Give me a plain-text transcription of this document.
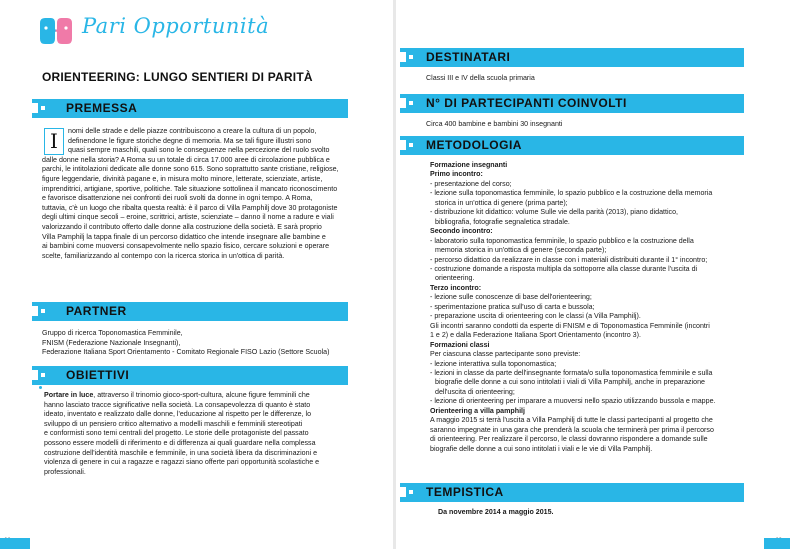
Pari Opportunità
ORIENTEERING: LUNGO SENTIERI DI PARITÀ
PREMESSA
I	nomi delle strade e delle piazze contribuiscono a creare la cultura di un popolo,

definendone le figure storiche degne di memoria. Ma se tali figure illustri sono

quasi sempre maschili, quali sono le conseguenze nella percezione del ruolo svolto

dalle donne nella storia? A Roma su un totale di circa 17.000 aree di circolazione pubblica e

parchi, le intitolazioni dedicate alle donne sono 615. Sono soprattutto sante cristiane, religiose,

figure leggendarie, divinità pagane e, in misura molto minore, letterate, scienziate, artiste,

imprenditrici, artigiane, sportive, politiche. Tale situazione sottolinea il mancato riconoscimento

e favorisce disattenzione nei confronti dei ruoli svolti da donne in ogni tempo. A Roma,

tuttavia, c'è un luogo che ribalta questa realtà: è il parco di Villa Pamphilj dove 30 protagoniste

degli ultimi cinque secoli – eroine, scrittrici, artiste, scienziate – danno il nome a radure e viali

valorizzando il contributo offerto dalle donne alla costruzione della società. E sarà proprio

Villa Pamphilj la tappa finale di un percorso didattico che intende insegnare alle bambine e

ai bambini come muoversi consapevolmente nello spazio fisico, cercare soluzioni e operare

scelte, familiarizzando al contempo con la ricerca storica in un'ottica di parità.

PARTNER

Gruppo di ricerca Toponomastica Femminile,

FNISM (Federazione Nazionale Insegnanti),

Federazione Italiana Sport Orientamento - Comitato Regionale FISO Lazio (Settore Scuola)

OBIETTIVI

Portare in luce, attraverso il trinomio gioco-sport-cultura, alcune figure femminili che

hanno lasciato tracce significative nella società. La consapevolezza di quanto è stato

ideato, inventato e realizzato dalle donne, l'educazione al rispetto per le differenze, lo

sviluppo di un pensiero critico alternativo a modelli maschili e femminili stereotipati

e conformisti sono temi centrali del progetto. Le storie delle protagoniste del passato

possono essere modelli di riferimento e di differenza ai quali guardare nella complessa

costruzione dell'identità maschile e femminile, in una società libera da discriminazioni e

violenza di genere in cui a ragazze e ragazzi siano offerte pari opportunità scolastiche e

professionali.

DESTINATARI
Classi III e IV della scuola primaria
N° DI PARTECIPANTI COINVOLTI
Circa 400 bambine e bambini 30 insegnanti
METODOLOGIA

Formazione insegnanti

Primo incontro:

- presentazione del corso;

- lezione sulla toponomastica femminile, lo spazio pubblico e la costruzione della memoria

storica in un'ottica di genere (prima parte);

- distribuzione kit didattico: volume Sulle vie della parità (2013), piano didattico,

bibliografia, fotografie segnaletica stradale.

Secondo incontro:

- laboratorio sulla toponomastica femminile, lo spazio pubblico e la costruzione della

memoria storica in un'ottica di genere (seconda parte);

- percorso didattico da realizzare in classe con i materiali distribuiti durante il 1° incontro;

- costruzione domande a risposta multipla da sottoporre alla classe durante l'uscita di

orienteering.

Terzo incontro:

- lezione sulle conoscenze di base dell'orienteering;

- sperimentazione pratica sull'uso di carta e bussola;

- preparazione uscita di orienteering con le classi (a Villa Pamphilj).

Gli incontri saranno condotti da esperte di FNISM e di Toponomastica Femminile (incontri

1 e 2) e dalla Federazione Italiana Sport Orientamento (incontro 3).

Formazioni classi

Per ciascuna classe partecipante sono previste:

- lezione interattiva sulla toponomastica;

- lezioni in classe da parte dell'insegnante formata/o sulla toponomastica femminile e sulla

biografie delle donne a cui sono intitolati i viali di Villa Pamphilj, anche in preparazione

dell'uscita di orienteering;

- lezione di orienteering per imparare a muoversi nello spazio utilizzando bussola e mappe.

Orienteering a villa pamphilj

A maggio 2015 si terrà l'uscita a Villa Pamphilj di tutte le classi partecipanti al progetto che

saranno impegnate in una gara che prenderà la scuola che terminerà per prima il percorso

di orienteering. Per realizzare il percorso, le classi dovranno rispondere a domande sulle

biografie delle donne a cui sono intitolati i viali e le vie di Villa Pamphilj.

TEMPISTICA
Da novembre 2014 a maggio 2015.
